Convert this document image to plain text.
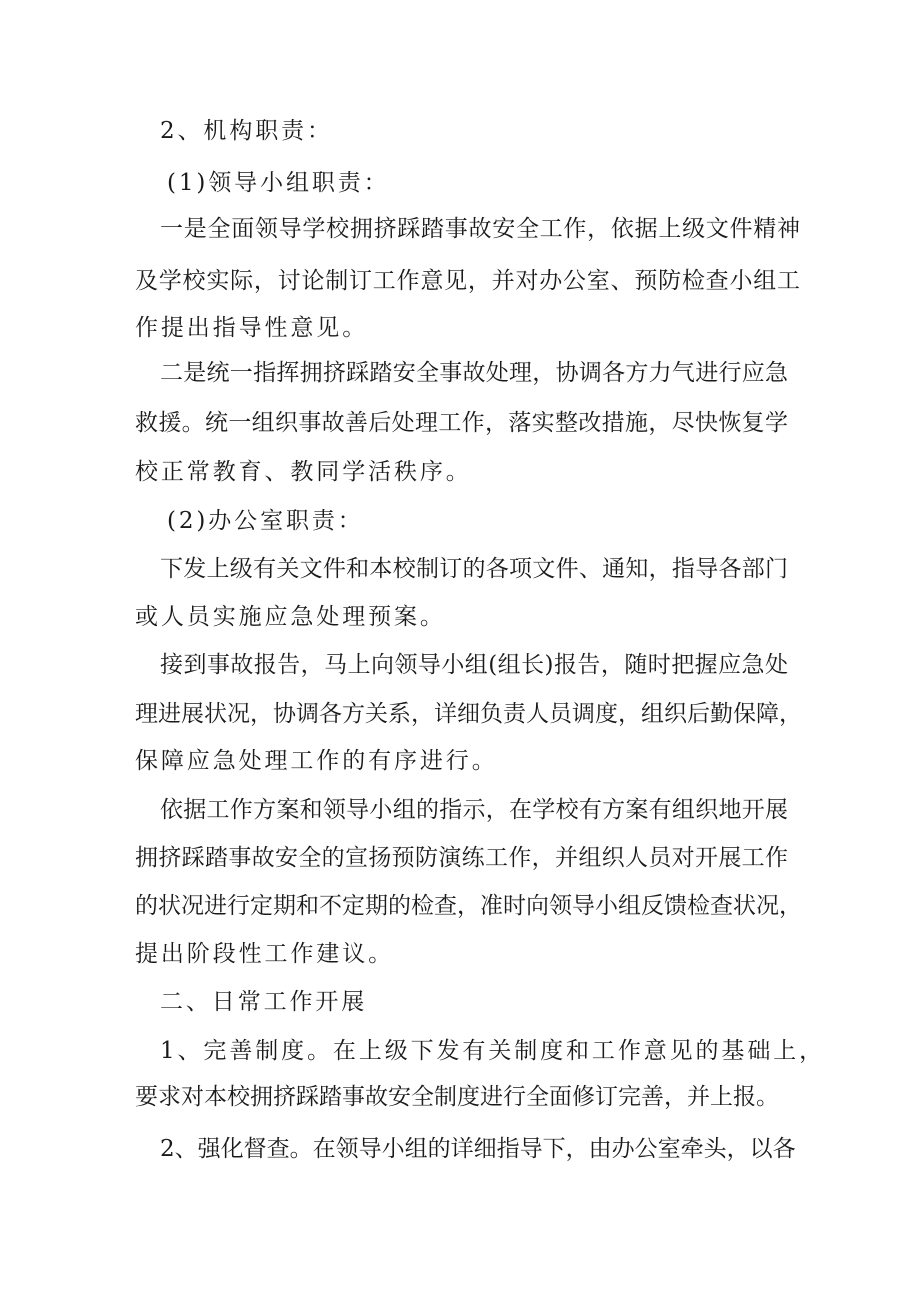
2、机构职责：
(1)领导小组职责：
一是全面领导学校拥挤踩踏事故安全工作，依据上级文件精神
及学校实际，讨论制订工作意见，并对办公室、预防检查小组工
作提出指导性意见。
二是统一指挥拥挤踩踏安全事故处理，协调各方力气进行应急
救援。统一组织事故善后处理工作，落实整改措施，尽快恢复学
校正常教育、教同学活秩序。
(2)办公室职责：
下发上级有关文件和本校制订的各项文件、通知，指导各部门
或人员实施应急处理预案。
接到事故报告，马上向领导小组(组长)报告，随时把握应急处
理进展状况，协调各方关系，详细负责人员调度，组织后勤保障，
保障应急处理工作的有序进行。
依据工作方案和领导小组的指示，在学校有方案有组织地开展
拥挤踩踏事故安全的宣扬预防演练工作，并组织人员对开展工作
的状况进行定期和不定期的检查，准时向领导小组反馈检查状况，
提出阶段性工作建议。
二、日常工作开展
1、完善制度。在上级下发有关制度和工作意见的基础上，
要求对本校拥挤踩踏事故安全制度进行全面修订完善，并上报。
2、强化督查。在领导小组的详细指导下，由办公室牵头，以各
